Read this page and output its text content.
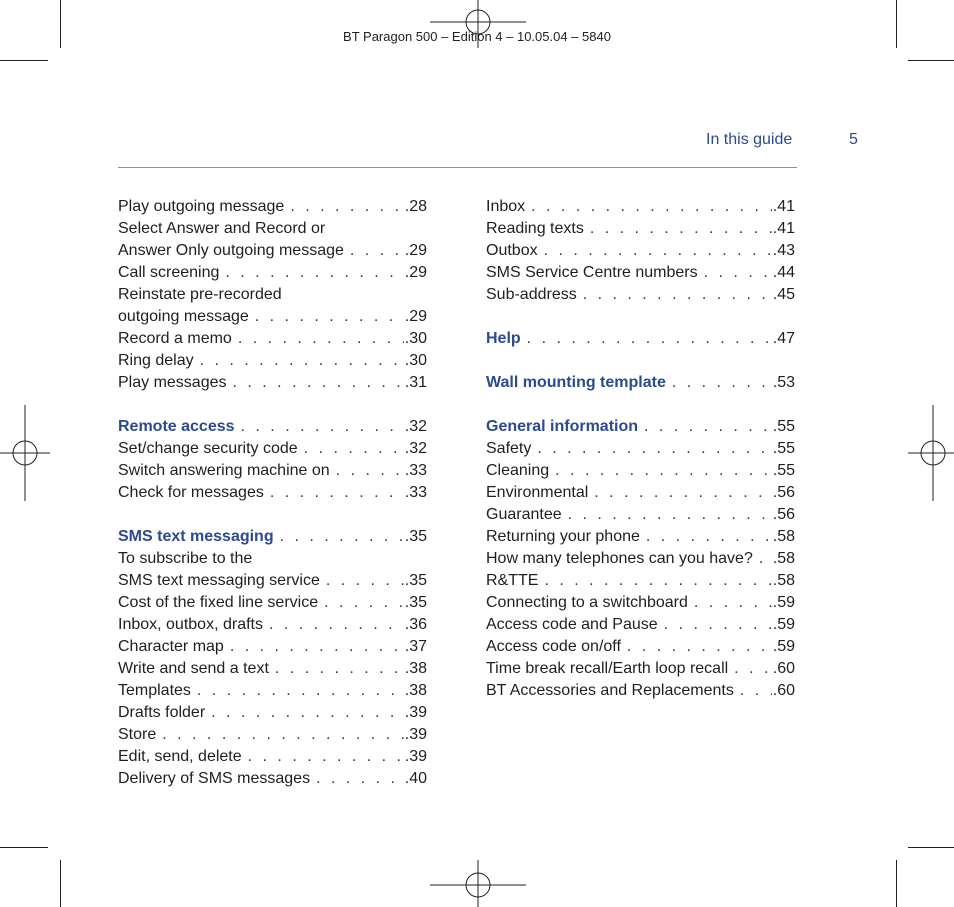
BT Paragon 500 – Edition 4 – 10.05.04 – 5840
In this guide	5
Play outgoing message . . .	.28
Select Answer and Record or
Answer Only outgoing message . . .	.29
Call screening . . .	.29
Reinstate pre-recorded
outgoing message . . .	.29
Record a memo . . .	.30
Ring delay . . .	.30
Play messages . . .	.31
Remote access . . .	.32
Set/change security code . . .	.32
Switch answering machine on . . .	.33
Check for messages . . .	.33
SMS text messaging . . .	.35
To subscribe to the
SMS text messaging service . . .	.35
Cost of the fixed line service . . .	.35
Inbox, outbox, drafts . . .	.36
Character map . . .	.37
Write and send a text . . .	.38
Templates . . .	.38
Drafts folder . . .	.39
Store . . .	.39
Edit, send, delete . . .	.39
Delivery of SMS messages . . .	.40
Inbox . . .	.41
Reading texts . . .	.41
Outbox . . .	.43
SMS Service Centre numbers . . .	.44
Sub-address . . .	.45
Help . . .	.47
Wall mounting template . . .	.53
General information . . .	.55
Safety . . .	.55
Cleaning . . .	.55
Environmental . . .	.56
Guarantee . . .	.56
Returning your phone . . .	.58
How many telephones can you have? . . . .58
R&TTE . . .	.58
Connecting to a switchboard . . .	.59
Access code and Pause . . .	.59
Access code on/off . . .	.59
Time break recall/Earth loop recall . . .	.60
BT Accessories and Replacements . . . .60
